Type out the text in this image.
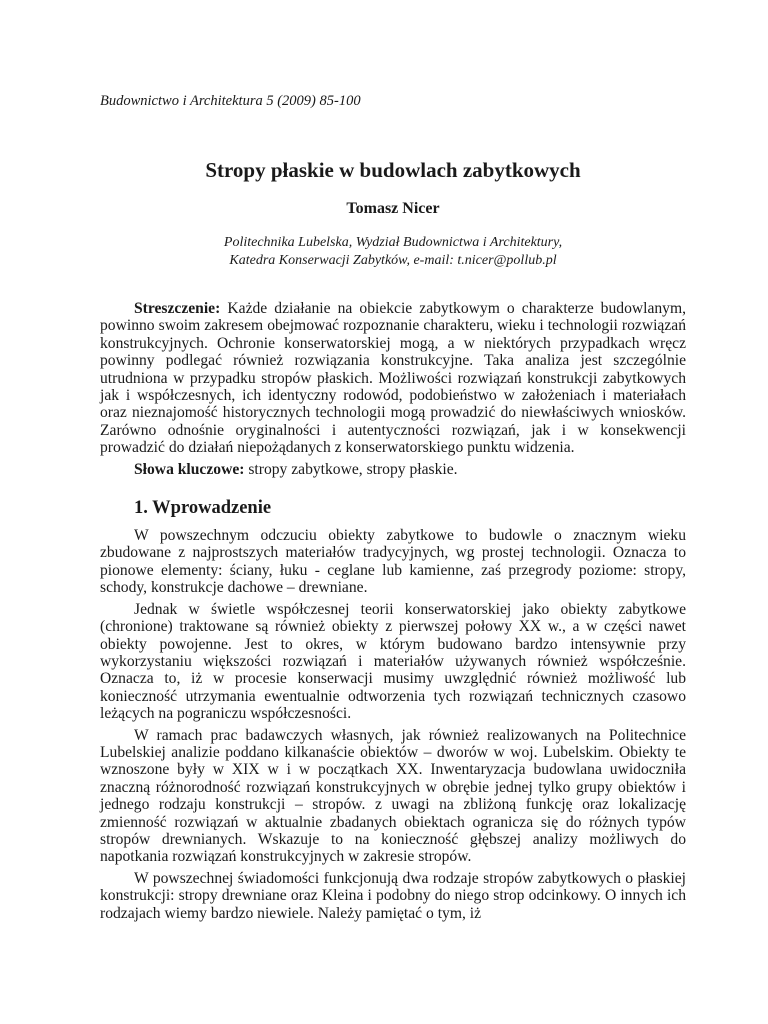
Budownictwo i Architektura 5 (2009) 85-100

Stropy płaskie w budowlach zabytkowych

Tomasz Nicer

Politechnika Lubelska, Wydział Budownictwa i Architektury,
Katedra Konserwacji Zabytków, e-mail: t.nicer@pollub.pl

Streszczenie: Każde działanie na obiekcie zabytkowym o charakterze budowlanym, powinno swoim zakresem obejmować rozpoznanie charakteru, wieku i technologii rozwiązań konstrukcyjnych. Ochronie konserwatorskiej mogą, a w niektórych przypadkach wręcz powinny podlegać również rozwiązania konstrukcyjne. Taka analiza jest szczególnie utrudniona w przypadku stropów płaskich. Możliwości rozwiązań konstrukcji zabytkowych jak i współczesnych, ich identyczny rodowód, podobieństwo w założeniach i materiałach oraz nieznajomość historycznych technologii mogą prowadzić do niewłaściwych wniosków. Zarówno odnośnie oryginalności i autentyczności rozwiązań, jak i w konsekwencji prowadzić do działań niepożądanych z konserwatorskiego punktu widzenia.

Słowa kluczowe: stropy zabytkowe, stropy płaskie.

1. Wprowadzenie

W powszechnym odczuciu obiekty zabytkowe to budowle o znacznym wieku zbudowane z najprostszych materiałów tradycyjnych, wg prostej technologii. Oznacza to pionowe elementy: ściany, łuku - ceglane lub kamienne, zaś przegrody poziome: stropy, schody, konstrukcje dachowe – drewniane.

Jednak w świetle współczesnej teorii konserwatorskiej jako obiekty zabytkowe (chronione) traktowane są również obiekty z pierwszej połowy XX w., a w części nawet obiekty powojenne. Jest to okres, w którym budowano bardzo intensywnie przy wykorzystaniu większości rozwiązań i materiałów używanych również współcześnie. Oznacza to, iż w procesie konserwacji musimy uwzględnić również możliwość lub konieczność utrzymania ewentualnie odtworzenia tych rozwiązań technicznych czasowo leżących na pograniczu współczesności.

W ramach prac badawczych własnych, jak również realizowanych na Politechnice Lubelskiej analizie poddano kilkanaście obiektów – dworów w woj. Lubelskim. Obiekty te wznoszone były w XIX w i w początkach XX. Inwentaryzacja budowlana uwidoczniła znaczną różnorodność rozwiązań konstrukcyjnych w obrębie jednej tylko grupy obiektów i jednego rodzaju konstrukcji – stropów. z uwagi na zbliżoną funkcję oraz lokalizację zmienność rozwiązań w aktualnie zbadanych obiektach ogranicza się do różnych typów stropów drewnianych. Wskazuje to na konieczność głębszej analizy możliwych do napotkania rozwiązań konstrukcyjnych w zakresie stropów.

W powszechnej świadomości funkcjonują dwa rodzaje stropów zabytkowych o płaskiej konstrukcji: stropy drewniane oraz Kleina i podobny do niego strop odcinkowy. O innych ich rodzajach wiemy bardzo niewiele. Należy pamiętać o tym, iż
